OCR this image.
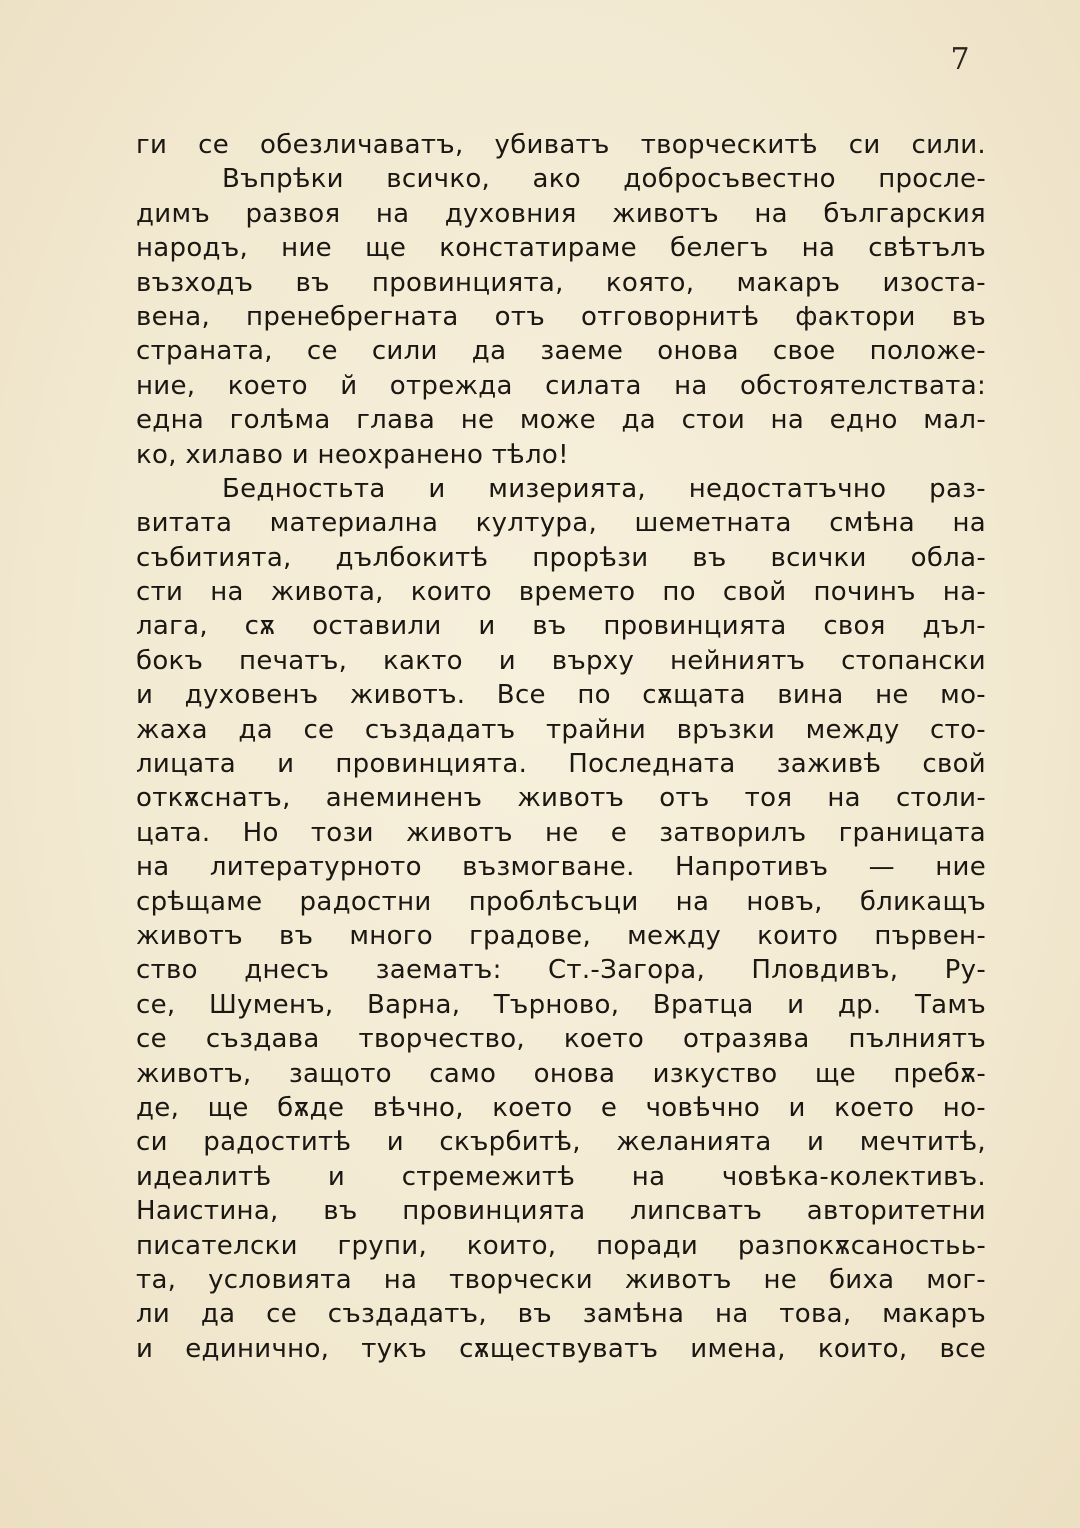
7
ги се обезличаватъ, убиватъ творческитѣ си сили.
Въпрѣки всичко, ако добросъвестно просле-
димъ развоя на духовния животъ на българския
народъ, ние ще констатираме белегъ на свѣтълъ
възходъ въ провинцията, която, макаръ изоста-
вена, пренебрегната отъ отговорнитѣ фактори въ
страната, се сили да заеме онова свое положе-
ние, което й отрежда силата на обстоятелствата:
една голѣма глава не може да стои на едно мал-
ко, хилаво и неохранено тѣло!
Бедностьта и мизерията, недостатъчно раз-
витата материална култура, шеметната смѣна на
събитията, дълбокитѣ прорѣзи въ всички обла-
сти на живота, които времето по свой починъ на-
лага, сѫ оставили и въ провинцията своя дъл-
бокъ печатъ, както и върху нейниятъ стопански
и духовенъ животъ. Все по сѫщата вина не мо-
жаха да се създадатъ трайни връзки между сто-
лицата и провинцията. Последната заживѣ свой
откѫснатъ, анеминенъ животъ отъ тоя на столи-
цата. Но този животъ не е затворилъ границата
на литературното възмогване. Напротивъ — ние
срѣщаме радостни проблѣсъци на новъ, бликащъ
животъ въ много градове, между които първен-
ство днесъ заематъ: Ст.-Загора, Пловдивъ, Ру-
се, Шуменъ, Варна, Търново, Вратца и др. Тамъ
се създава творчество, което отразява пълниятъ
животъ, защото само онова изкуство ще пребѫ-
де, ще бѫде вѣчно, което е човѣчно и което но-
си радоститѣ и скърбитѣ, желанията и мечтитѣ,
идеалитѣ и стремежитѣ на човѣка-колективъ.
Наистина, въ провинцията липсватъ авторитетни
писателски групи, които, поради разпокѫсаностьь-
та, условията на творчески животъ не биха мог-
ли да се създадатъ, въ замѣна на това, макаръ
и единично, тукъ сѫществуватъ имена, които, все
